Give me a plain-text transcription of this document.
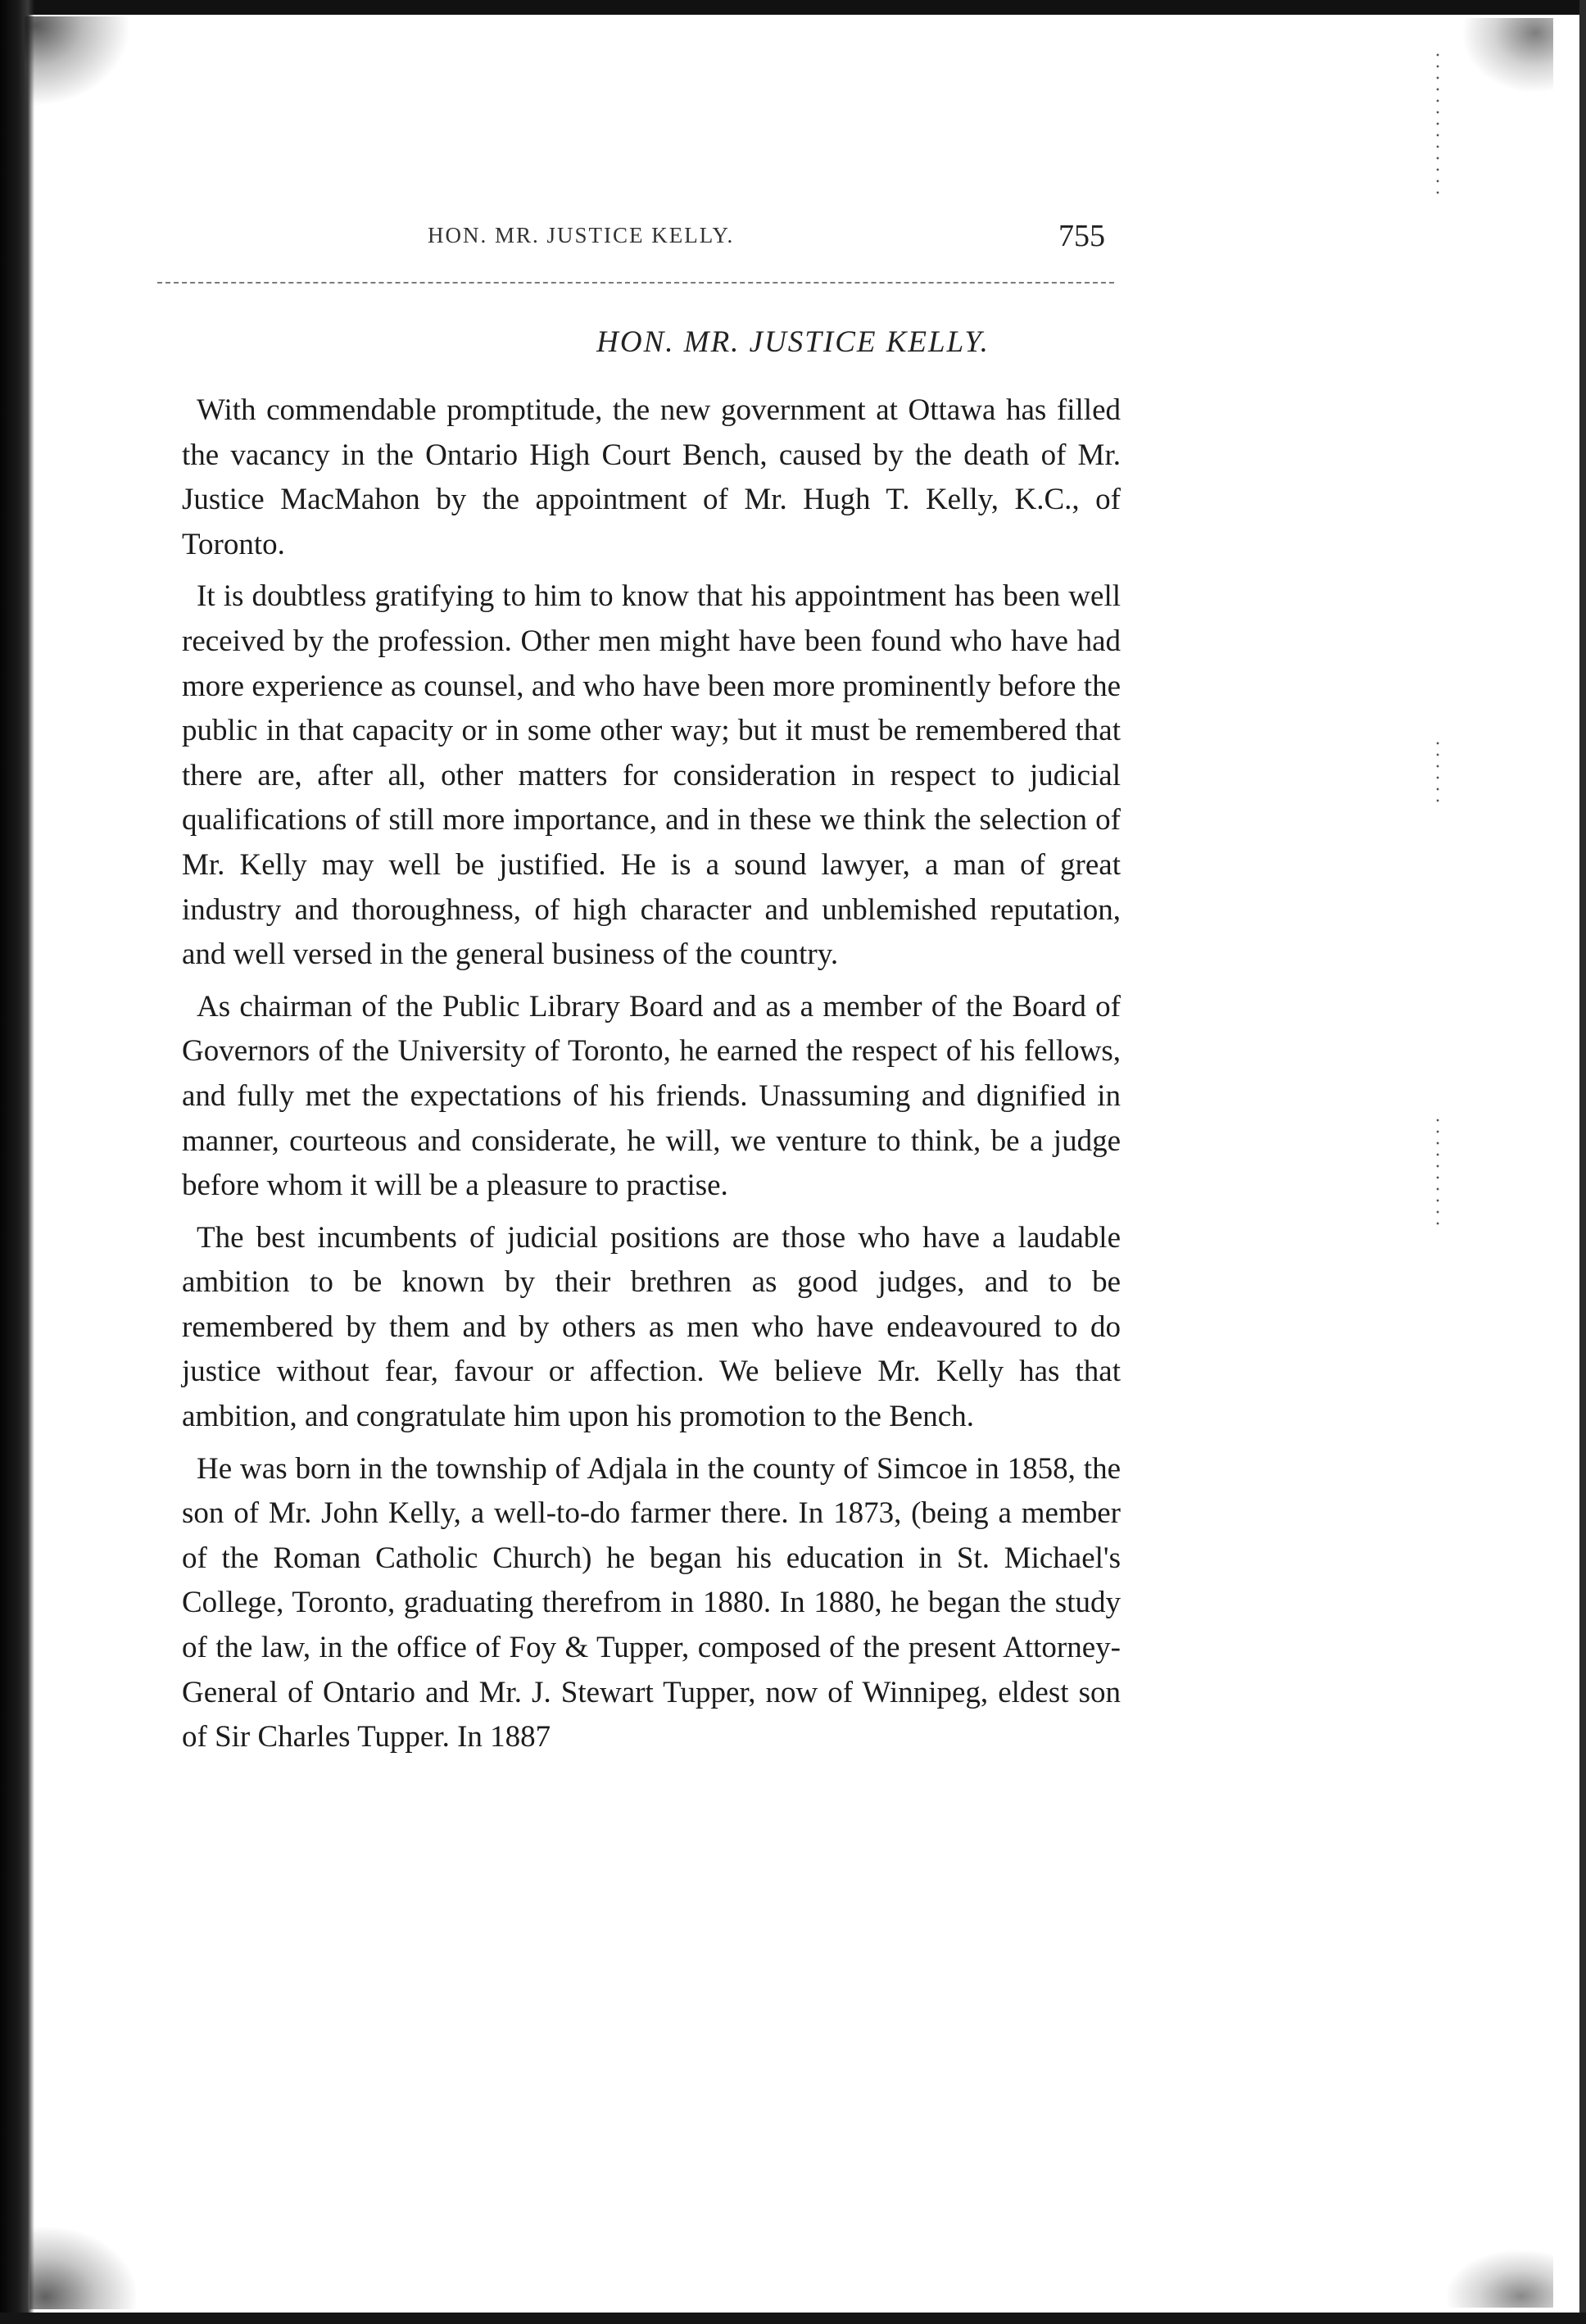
HON. MR. JUSTICE KELLY.	755
HON. MR. JUSTICE KELLY.

With commendable promptitude, the new government at Ottawa has filled the vacancy in the Ontario High Court Bench, caused by the death of Mr. Justice MacMahon by the appointment of Mr. Hugh T. Kelly, K.C., of Toronto.

It is doubtless gratifying to him to know that his appointment has been well received by the profession. Other men might have been found who have had more experience as counsel, and who have been more prominently before the public in that capacity or in some other way; but it must be remembered that there are, after all, other matters for consideration in respect to judicial qualifications of still more importance, and in these we think the selection of Mr. Kelly may well be justified. He is a sound lawyer, a man of great industry and thoroughness, of high character and unblemished reputation, and well versed in the general business of the country.

As chairman of the Public Library Board and as a member of the Board of Governors of the University of Toronto, he earned the respect of his fellows, and fully met the expectations of his friends. Unassuming and dignified in manner, courteous and considerate, he will, we venture to think, be a judge before whom it will be a pleasure to practise.

The best incumbents of judicial positions are those who have a laudable ambition to be known by their brethren as good judges, and to be remembered by them and by others as men who have endeavoured to do justice without fear, favour or affection. We believe Mr. Kelly has that ambition, and congratulate him upon his promotion to the Bench.

He was born in the township of Adjala in the county of Simcoe in 1858, the son of Mr. John Kelly, a well-to-do farmer there. In 1873, (being a member of the Roman Catholic Church) he began his education in St. Michael's College, Toronto, graduating therefrom in 1880. In 1880, he began the study of the law, in the office of Foy & Tupper, composed of the present Attorney-General of Ontario and Mr. J. Stewart Tupper, now of Winnipeg, eldest son of Sir Charles Tupper. In 1887
